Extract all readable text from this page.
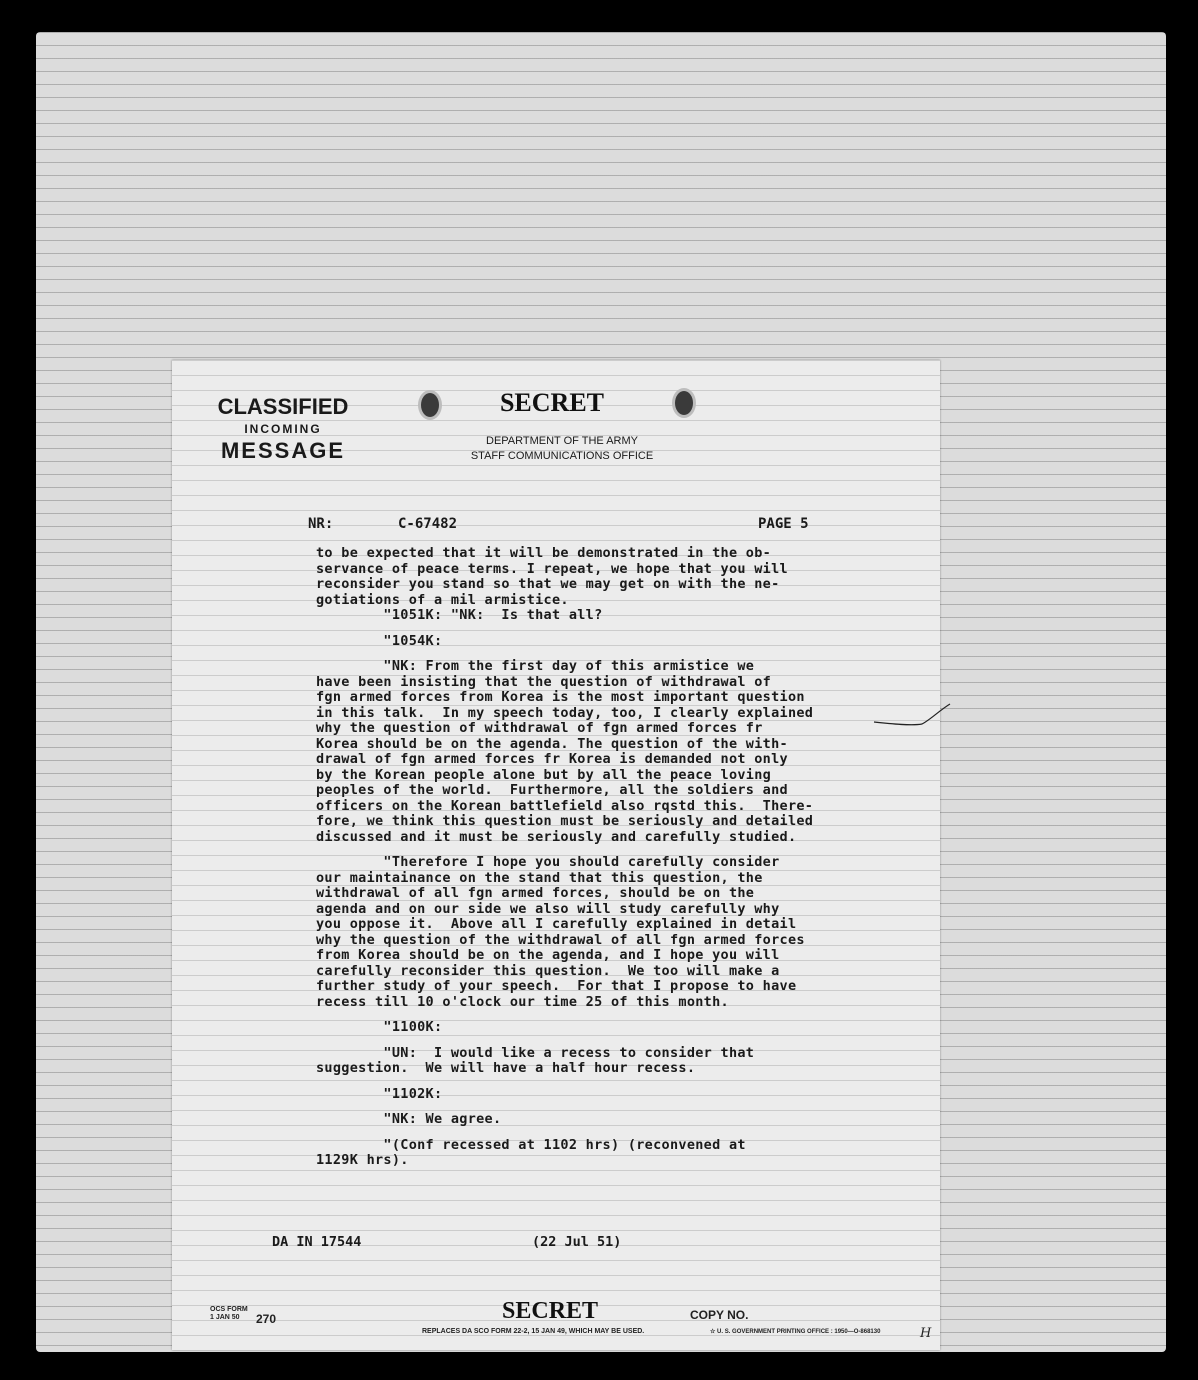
CLASSIFIED
INCOMING
MESSAGE
SECRET
DEPARTMENT OF THE ARMY
STAFF COMMUNICATIONS OFFICE
NR:	C-67482	PAGE 5

to be expected that it will be demonstrated in the ob-

servance of peace terms. I repeat, we hope that you will

reconsider you stand so that we may get on with the ne-

gotiations of a mil armistice.

"1051K: "NK:  Is that all?

"1054K:

"NK: From the first day of this armistice we

have been insisting that the question of withdrawal of

fgn armed forces from Korea is the most important question

in this talk.  In my speech today, too, I clearly explained

why the question of withdrawal of fgn armed forces fr

Korea should be on the agenda. The question of the with-

drawal of fgn armed forces fr Korea is demanded not only

by the Korean people alone but by all the peace loving

peoples of the world.  Furthermore, all the soldiers and

officers on the Korean battlefield also rqstd this.  There-

fore, we think this question must be seriously and detailed

discussed and it must be seriously and carefully studied.

"Therefore I hope you should carefully consider

our maintainance on the stand that this question, the

withdrawal of all fgn armed forces, should be on the

agenda and on our side we also will study carefully why

you oppose it.  Above all I carefully explained in detail

why the question of the withdrawal of all fgn armed forces

from Korea should be on the agenda, and I hope you will

carefully reconsider this question.  We too will make a

further study of your speech.  For that I propose to have

recess till 10 o'clock our time 25 of this month.

"1100K:

"UN:  I would like a recess to consider that

suggestion.  We will have a half hour recess.

"1102K:

"NK: We agree.

"(Conf recessed at 1102 hrs) (reconvened at

1129K hrs).

DA IN 17544	(22 Jul 51)
OCS FORM
1 JAN 50	270	SECRET	COPY NO.
REPLACES DA SCO FORM 22-2, 15 JAN 49, WHICH MAY BE USED.	☆ U. S. GOVERNMENT PRINTING OFFICE : 1950—O-868130	H
